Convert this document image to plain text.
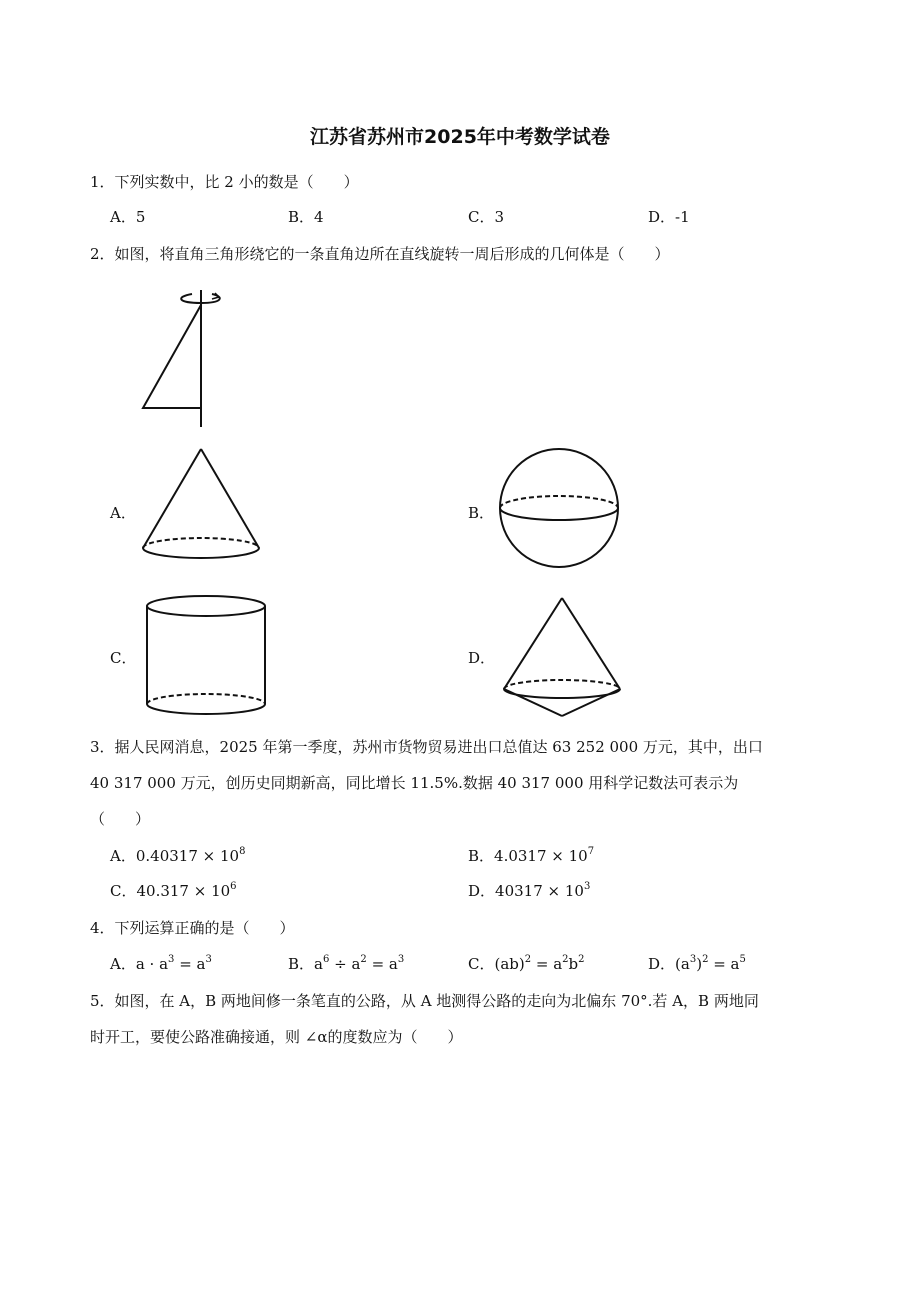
江苏省苏州市2025年中考数学试卷
1．下列实数中，比 2 小的数是（　　）
A．5	B．4	C．3	D．-1
2．如图，将直角三角形绕它的一条直角边所在直线旋转一周后形成的几何体是（　　）
A．	B．
C．	D．
3．据人民网消息，2025 年第一季度，苏州市货物贸易进出口总值达 63 252 000 万元，其中，出口
40 317 000 万元，创历史同期新高，同比增长 11.5%.数据 40 317 000 用科学记数法可表示为
（　　）
A．$0.40317 \times 10^8$	B．$4.0317 \times 10^7$
C．$40.317 \times 10^6$	D．$40317 \times 10^3$
4．下列运算正确的是（　　）
A．$a \cdot a^3 = a^3$	B．$a^6 \div a^2 = a^3$	C．$(ab)^2 = a^2b^2$	D．$(a^3)^2 = a^5$
5．如图，在 A，B 两地间修一条笔直的公路，从 A 地测得公路的走向为北偏东 70°.若 A，B 两地同
时开工，要使公路准确接通，则 ∠α的度数应为（　　）
